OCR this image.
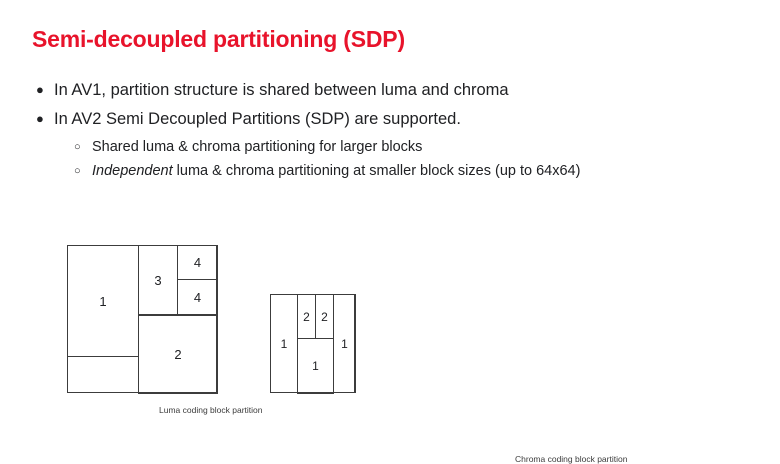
Semi-decoupled partitioning (SDP)
● In AV1, partition structure is shared between luma and chroma
● In AV2 Semi Decoupled Partitions (SDP) are supported.
○ Shared luma & chroma partitioning for larger blocks
○ Independent luma & chroma partitioning at smaller block sizes (up to 64x64)
1
3
4
4
2
Luma coding block partition
1
2 2
1
1
Chroma coding block partition
